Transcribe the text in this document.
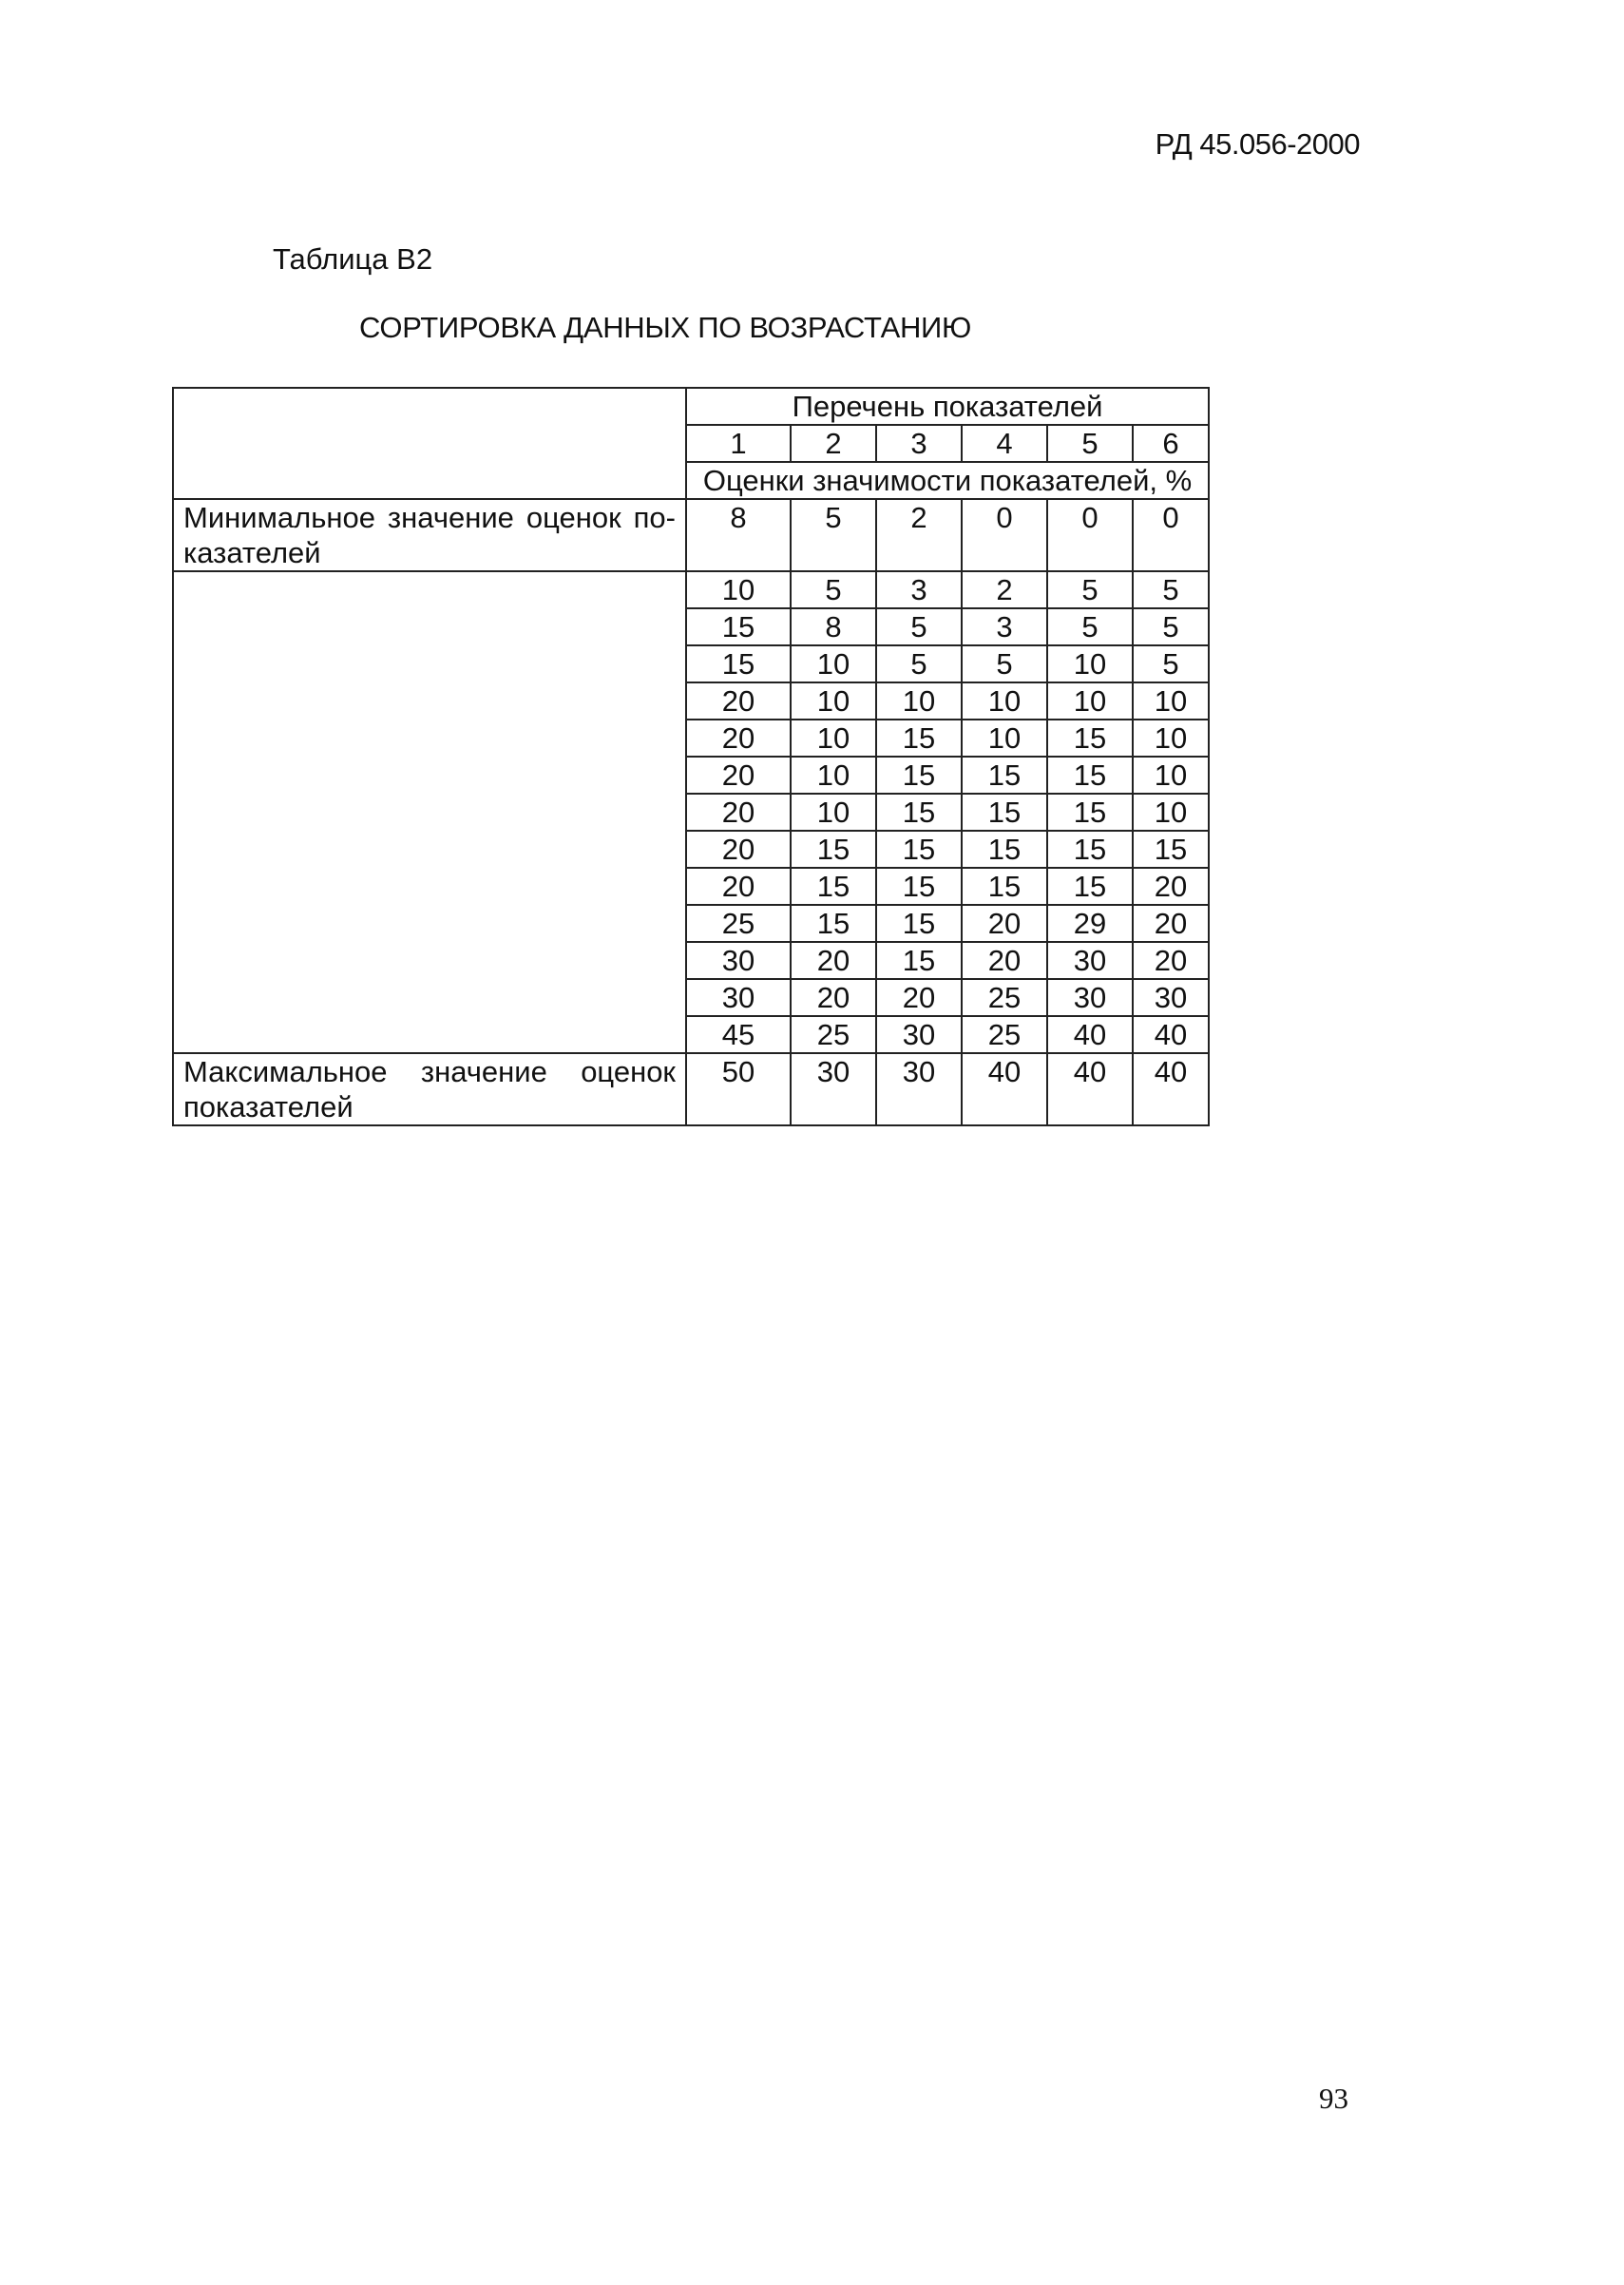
РД 45.056-2000
Таблица В2
СОРТИРОВКА ДАННЫХ ПО ВОЗРАСТАНИЮ
	Перечень показателей					
	1	2	3	4	5	6
	Оценки значимости показателей, %					
Минимальное значение оценок по-казателей	8	5	2	0	0	0
	10	5	3	2	5	5
	15	8	5	3	5	5
	15	10	5	5	10	5
	20	10	10	10	10	10
	20	10	15	10	15	10
	20	10	15	15	15	10
	20	10	15	15	15	10
	20	15	15	15	15	15
	20	15	15	15	15	20
	25	15	15	20	29	20
	30	20	15	20	30	20
	30	20	20	25	30	30
	45	25	30	25	40	40
Максимальное значение оценок показателей	50	30	30	40	40	40
93
